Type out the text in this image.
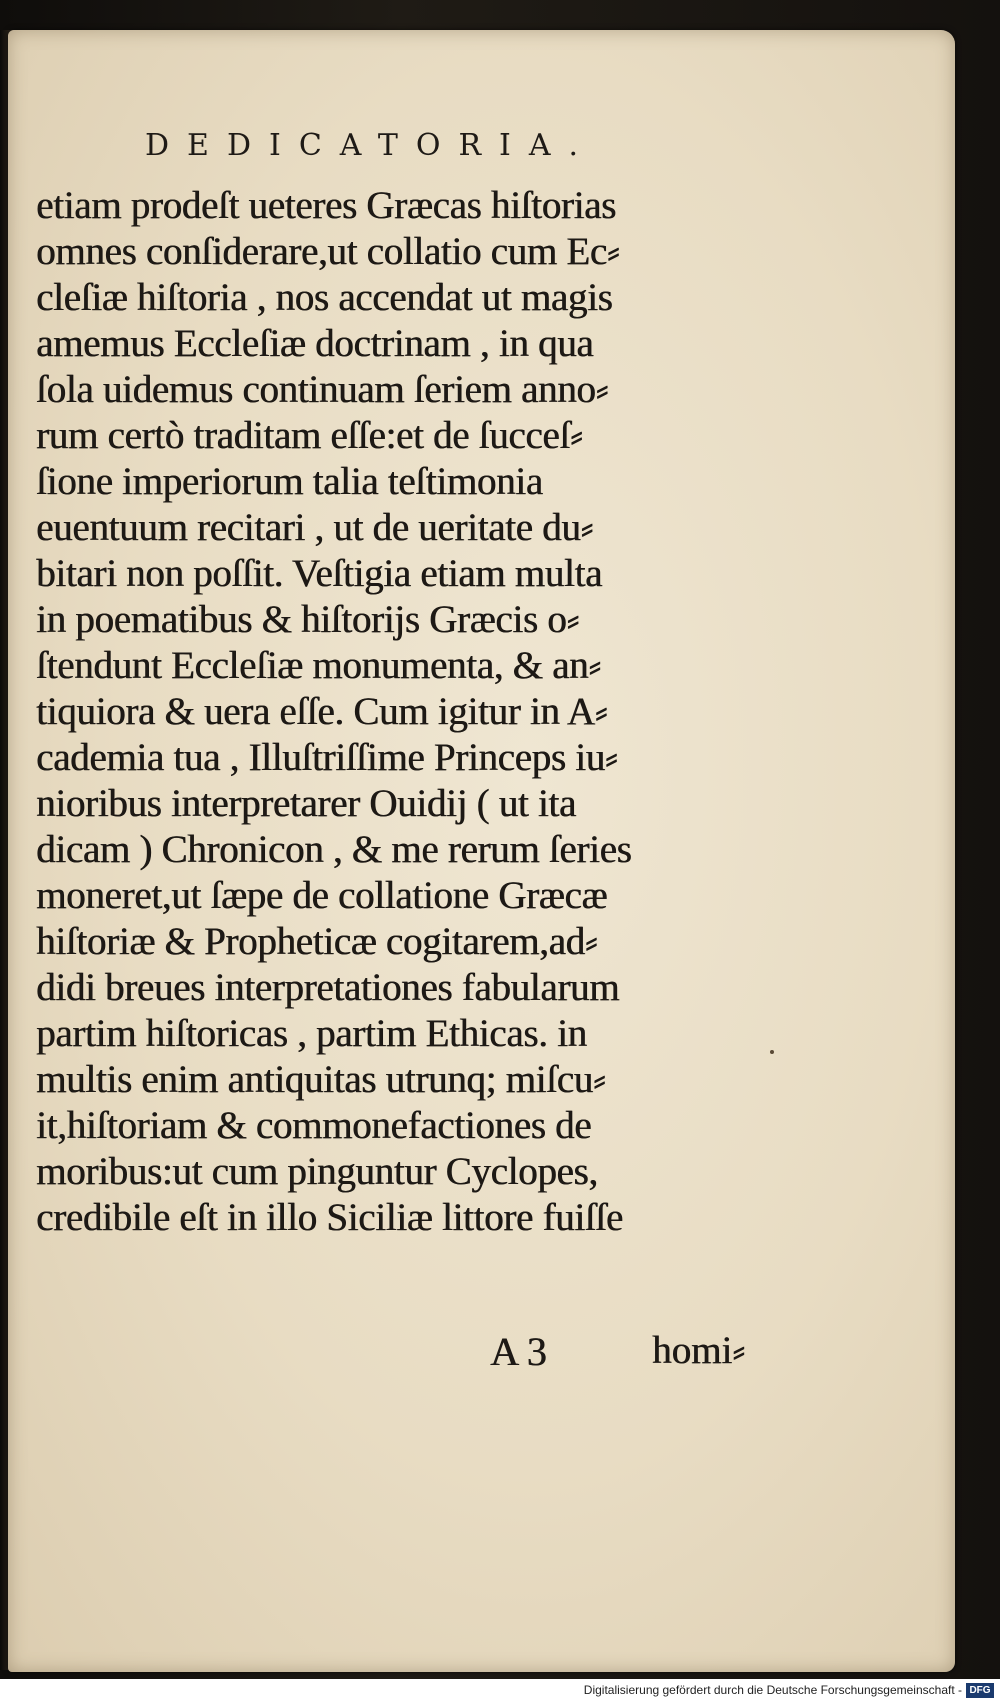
DEDICATORIA.
etiam prodeſt ueteres Græcas hiſtorias
omnes conſiderare,ut collatio cum Ec⸗
cleſiæ hiſtoria , nos accendat ut magis
amemus Eccleſiæ doctrinam , in qua
ſola uidemus continuam ſeriem anno⸗
rum certò traditam eſſe:et de ſucceſ⸗
ſione imperiorum talia teſtimonia
euentuum recitari , ut de ueritate du⸗
bitari non poſſit. Veſtigia etiam multa
in poematibus & hiſtorijs Græcis o⸗
ſtendunt Eccleſiæ monumenta, & an⸗
tiquiora & uera eſſe. Cum igitur in A⸗
cademia tua , Illuſtriſſime Princeps iu⸗
nioribus interpretarer Ouidij ( ut ita
dicam ) Chronicon , & me rerum ſeries
moneret,ut ſæpe de collatione Græcæ
hiſtoriæ & Propheticæ cogitarem,ad⸗
didi breues interpretationes fabularum
partim hiſtoricas , partim Ethicas. in
multis enim antiquitas utrunq; miſcu⸗
it,hiſtoriam & commonefactiones de
moribus:ut cum pinguntur Cyclopes,
credibile eſt in illo Siciliæ littore fuiſſe
A 3	homi⸗
Digitalisierung gefördert durch die Deutsche Forschungsgemeinschaft - DFG
